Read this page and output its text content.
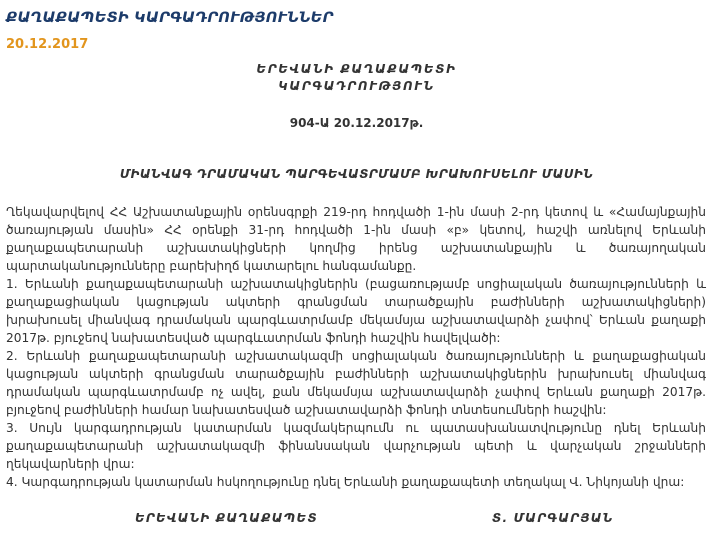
ՔԱՂԱՔԱՊԵՏԻ ԿԱՐԳԱԴՐՈՒԹՅՈՒՆՆԵՐ
20.12.2017
ԵՐԵՎԱՆԻ ՔԱՂԱՔԱՊԵՏԻ
ԿԱՐԳԱԴՐՈՒԹՅՈՒՆ
904-Ա 20.12.2017թ.
ՄԻԱՆՎԱԳ ԴՐԱՄԱԿԱՆ ՊԱՐԳԵՎԱՏՐՄԱՄԲ ԽՐԱԽՈՒՍԵԼՈՒ ՄԱՍԻՆ

Ղեկավարվելով ՀՀ Աշխատանքային օրենսգրքի 219-րդ հոդվածի 1-ին մասի 2-րդ կետով և «Համայնքային ծառայության մասին» ՀՀ օրենքի 31-րդ հոդվածի 1-ին մասի «բ» կետով, հաշվի առնելով Երևանի քաղաքապետարանի աշխատակիցների կողմից իրենց աշխատանքային և ծառայողական պարտականությունները բարեխիղճ կատարելու հանգամանքը.

1. Երևանի քաղաքապետարանի աշխատակիցներին (բացառությամբ սոցիալական ծառայությունների և քաղաքացիական կացության ակտերի գրանցման տարածքային բաժինների աշխատակիցների) խրախուսել միանվագ դրամական պարգևատրմամբ մեկամսյա աշխատավարձի չափով՝ Երևան քաղաքի 2017թ. բյուջեով նախատեսված պարգևատրման ֆոնդի հաշվին հավելվածի:

2. Երևանի քաղաքապետարանի աշխատակազմի սոցիալական ծառայությունների և քաղաքացիական կացության ակտերի գրանցման տարածքային բաժինների աշխատակիցներին խրախուսել միանվագ դրամական պարգևատրմամբ ոչ ավել, քան մեկամսյա աշխատավարձի չափով Երևան քաղաքի 2017թ. բյուջեով բաժինների համար նախատեսված աշխատավարձի ֆոնդի տնտեսումների հաշվին:

3. Սույն կարգադրության կատարման կազմակերպումն ու պատասխանատվությունը դնել Երևանի քաղաքապետարանի աշխատակազմի ֆինանսական վարչության պետի և վարչական շրջանների ղեկավարների վրա:

4. Կարգադրության կատարման հսկողությունը դնել Երևանի քաղաքապետի տեղակալ Վ. Նիկոյանի վրա:

ԵՐԵՎԱՆԻ ՔԱՂԱՔԱՊԵՏ	Տ. ՄԱՐԳԱՐՅԱՆ
